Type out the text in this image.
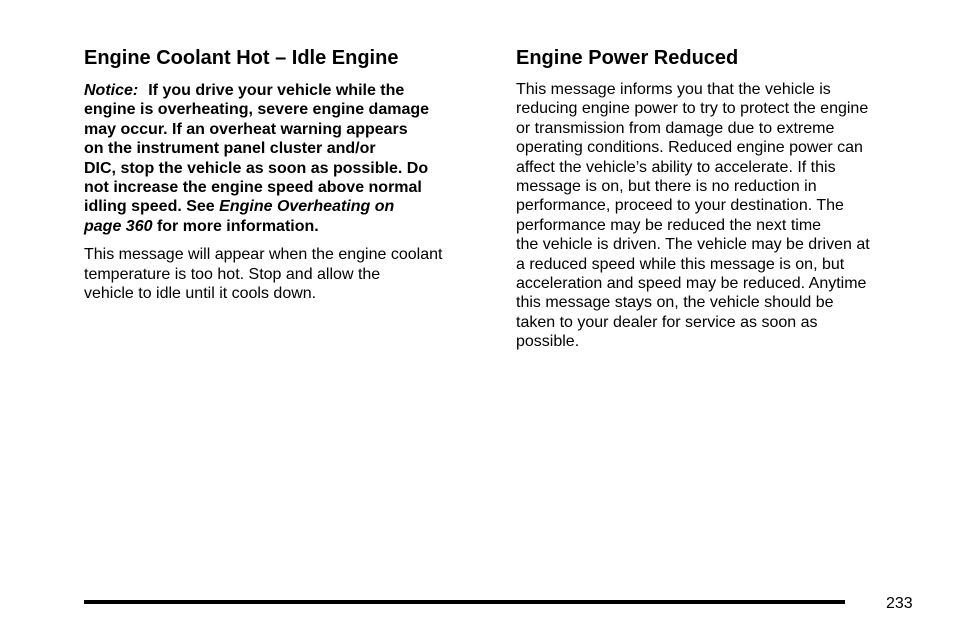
Engine Coolant Hot – Idle Engine

Notice: If you drive your vehicle while the
engine is overheating, severe engine damage
may occur. If an overheat warning appears
on the instrument panel cluster and/or
DIC, stop the vehicle as soon as possible. Do
not increase the engine speed above normal
idling speed. See Engine Overheating on
page 360 for more information.

This message will appear when the engine coolant
temperature is too hot. Stop and allow the
vehicle to idle until it cools down.

Engine Power Reduced

This message informs you that the vehicle is
reducing engine power to try to protect the engine
or transmission from damage due to extreme
operating conditions. Reduced engine power can
affect the vehicle’s ability to accelerate. If this
message is on, but there is no reduction in
performance, proceed to your destination. The
performance may be reduced the next time
the vehicle is driven. The vehicle may be driven at
a reduced speed while this message is on, but
acceleration and speed may be reduced. Anytime
this message stays on, the vehicle should be
taken to your dealer for service as soon as
possible.

233
